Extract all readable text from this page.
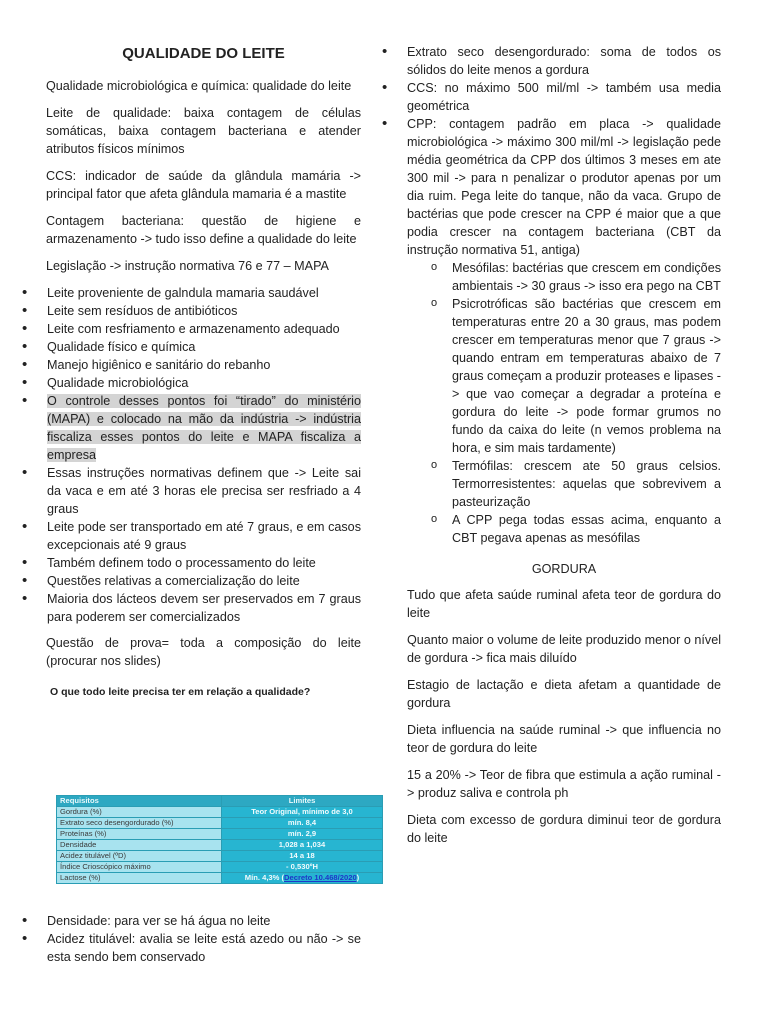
QUALIDADE DO LEITE

Qualidade microbiológica e química: qualidade do leite

Leite de qualidade: baixa contagem de células somáticas, baixa contagem bacteriana e atender atributos físicos mínimos

CCS: indicador de saúde da glândula mamária -> principal fator que afeta glândula mamaria é a mastite

Contagem bacteriana: questão de higiene e armazenamento -> tudo isso define a qualidade do leite

Legislação -> instrução normativa 76 e 77 – MAPA

• Leite proveniente de galndula mamaria saudável
• Leite sem resíduos de antibióticos
• Leite com resfriamento e armazenamento adequado
• Qualidade físico e química
• Manejo higiênico e sanitário do rebanho
• Qualidade microbiológica
• O controle desses pontos foi “tirado” do ministério (MAPA) e colocado na mão da indústria -> indústria fiscaliza esses pontos do leite e MAPA fiscaliza a empresa
• Essas instruções normativas definem que -> Leite sai da vaca e em até 3 horas ele precisa ser resfriado a 4 graus
• Leite pode ser transportado em até 7 graus, e em casos excepcionais até 9 graus
• Também definem todo o processamento do leite
• Questões relativas a comercialização do leite
• Maioria dos lácteos devem ser preservados em 7 graus para poderem ser comercializados

Questão de prova= toda a composição do leite (procurar nos slides)

O que todo leite precisa ter em relação a qualidade?
Requisitos	Limites
Gordura (%)	Teor Original, mínimo de 3,0
Extrato seco desengordurado (%)	mín. 8,4
Proteínas (%)	mín. 2,9
Densidade	1,028 a 1,034
Acidez titulável (ºD)	14 a 18
Índice Crioscópico máximo	- 0,530ºH
Lactose (%)	Mín. 4,3% (Decreto 10.468/2020)
• Densidade: para ver se há água no leite
• Acidez titulável: avalia se leite está azedo ou não -> se esta sendo bem conservado
• Extrato seco desengordurado: soma de todos os sólidos do leite menos a gordura
• CCS: no máximo 500 mil/ml -> também usa media geométrica
• CPP: contagem padrão em placa -> qualidade microbiológica -> máximo 300 mil/ml -> legislação pede média geométrica da CPP dos últimos 3 meses em ate 300 mil -> para n penalizar o produtor apenas por um dia ruim. Pega leite do tanque, não da vaca. Grupo de bactérias que pode crescer na CPP é maior que a que podia crescer na contagem bacteriana (CBT da instrução normativa 51, antiga)
o Mesófilas: bactérias que crescem em condições ambientais -> 30 graus -> isso era pego na CBT
o Psicrotróficas são bactérias que crescem em temperaturas entre 20 a 30 graus, mas podem crescer em temperaturas menor que 7 graus -> quando entram em temperaturas abaixo de 7 graus começam a produzir proteases e lipases -> que vao começar a degradar a proteína e gordura do leite -> pode formar grumos no fundo da caixa do leite (n vemos problema na hora, e sim mais tardamente)
o Termófilas: crescem ate 50 graus celsios. Termorresistentes: aquelas que sobrevivem a pasteurização
o A CPP pega todas essas acima, enquanto a CBT pegava apenas as mesófilas
GORDURA

Tudo que afeta saúde ruminal afeta teor de gordura do leite

Quanto maior o volume de leite produzido menor o nível de gordura -> fica mais diluído

Estagio de lactação e dieta afetam a quantidade de gordura

Dieta influencia na saúde ruminal -> que influencia no teor de gordura do leite

15 a 20% -> Teor de fibra que estimula a ação ruminal -> produz saliva e controla ph

Dieta com excesso de gordura diminui teor de gordura do leite
